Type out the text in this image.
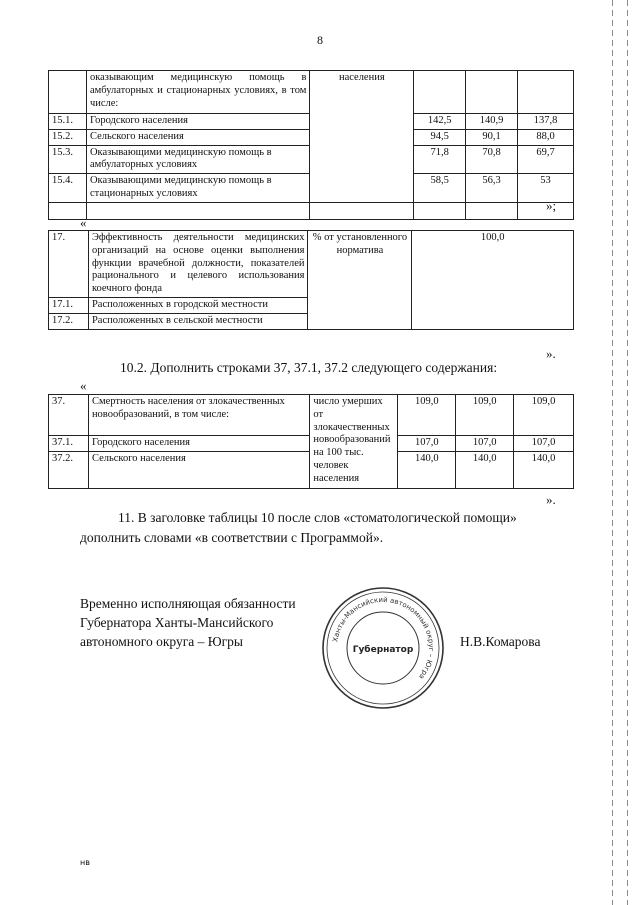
8
	оказывающим медицинскую помощь в амбулаторных и стационарных условиях, в том числе:	населения			
15.1.	Городского населения		142,5	140,9	137,8
15.2.	Сельского населения		94,5	90,1	88,0
15.3.	Оказывающими медицинскую помощь в амбулаторных условиях		71,8	70,8	69,7
15.4.	Оказывающими медицинскую помощь в стационарных условиях		58,5	56,3	53

»;
«
17.	Эффективность деятельности медицинских организаций на основе оценки выполнения функции врачебной должности, показателей рационального и целевого использования коечного фонда	% от установленного норматива	100,0
17.1.	Расположенных в городской местности		
17.2.	Расположенных в сельской местности		
».
10.2. Дополнить строками 37, 37.1, 37.2 следующего содержания:
«
37.	Смертность населения от злокачественных новообразований, в том числе:	число умерших от злокачественных новообразований на 100 тыс. человек населения	109,0	109,0	109,0
37.1.	Городского населения		107,0	107,0	107,0
37.2.	Сельского населения		140,0	140,0	140,0
».
11. В заголовке таблицы 10 после слов «стоматологической помощи»
дополнить словами «в соответствии с Программой».
Временно исполняющая обязанности
Губернатора Ханты-Мансийского
автономного округа – Югры	Н.В.Комарова
Ханты-Мансийский автономный округ – Югра
Губернатор
нв
